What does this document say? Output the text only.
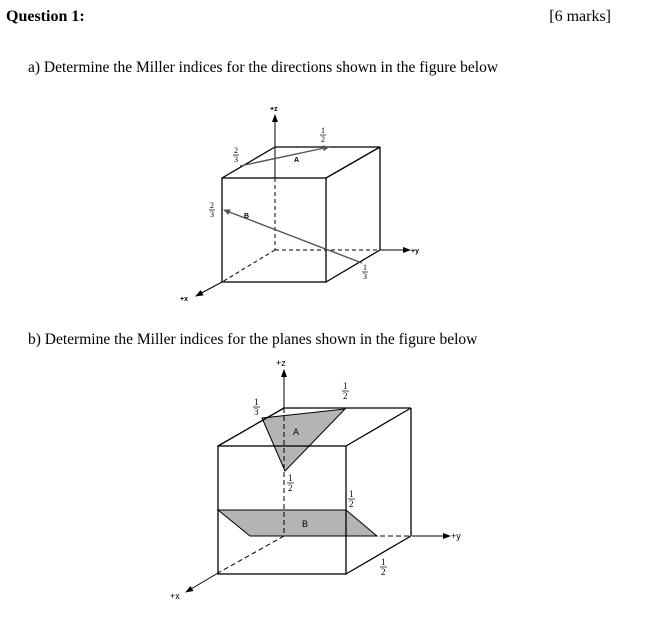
Question 1:	[6 marks]
a) Determine the Miller indices for the directions shown in the figure below
b) Determine the Miller indices for the planes shown in the figure below
+z
+y
+x
A
B
1
2
2
3
2
3
1
3
+z
+y
+x
A
B
1
3
1
2
1
2
1
2
1
2
